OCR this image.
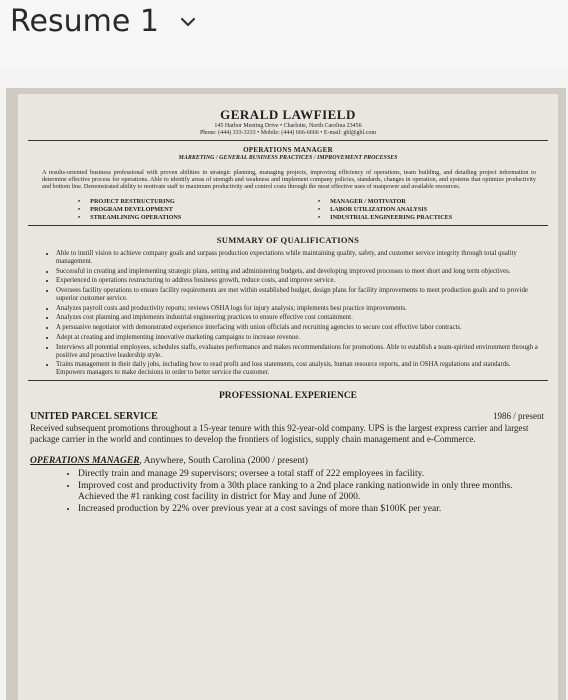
Resume 1
GERALD LAWFIELD
145 Harbor Meeting Drive • Charlotte, North Carolina 23456
Phone: (444) 333-3333 • Mobile: (444) 666-6666 • E-mail: gbl@gbl.com
OPERATIONS MANAGER
MARKETING / GENERAL BUSINESS PRACTICES / IMPROVEMENT PROCESSES
A results-oriented business professional with proven abilities in strategic planning, managing projects, improving efficiency of operations, team building, and detailing project information to determine effective process for operations. Able to identify areas of strength and weakness and implement company policies, standards, changes in operation, and systems that optimize productivity and bottom line. Demonstrated ability to motivate staff to maximum productivity and control costs through the most effective uses of manpower and available resources.
• PROJECT RESTRUCTURING	• MANAGER / MOTIVATOR
• PROGRAM DEVELOPMENT	• LABOR UTILIZATION ANALYSIS
• STREAMLINING OPERATIONS	• INDUSTRIAL ENGINEERING PRACTICES
SUMMARY OF QUALIFICATIONS
• Able to instill vision to achieve company goals and surpass production expectations while maintaining quality, safety, and customer service integrity through total quality management.
• Successful in creating and implementing strategic plans, setting and administering budgets, and developing improved processes to meet short and long term objectives.
• Experienced in operations restructuring to address business growth, reduce costs, and improve service.
• Oversees facility operations to ensure facility requirements are met within established budget, design plans for facility improvements to meet production goals and to provide superior customer service.
• Analyzes payroll costs and productivity reports; reviews OSHA logs for injury analysis; implements best practice improvements.
• Analyzes cost planning and implements industrial engineering practices to ensure effective cost containment.
• A persuasive negotiator with demonstrated experience interfacing with union officials and recruiting agencies to secure cost effective labor contracts.
• Adept at creating and implementing innovative marketing campaigns to increase revenue.
• Interviews all potential employees, schedules staffs, evaluates performance and makes recommendations for promotions. Able to establish a team-spirited environment through a positive and proactive leadership style.
• Trains management in their daily jobs, including how to read profit and loss statements, cost analysis, human resource reports, and in OSHA regulations and standards. Empowers managers to make decisions in order to better service the customer.
PROFESSIONAL EXPERIENCE
UNITED PARCEL SERVICE	1986 / present
Received subsequent promotions throughout a 15-year tenure with this 92-year-old company. UPS is the largest express carrier and largest package carrier in the world and continues to develop the frontiers of logistics, supply chain management and e-Commerce.
OPERATIONS MANAGER, Anywhere, South Carolina (2000 / present)
• Directly train and manage 29 supervisors; oversee a total staff of 222 employees in facility.
• Improved cost and productivity from a 30th place ranking to a 2nd place ranking nationwide in only three months. Achieved the #1 ranking cost facility in district for May and June of 2000.
• Increased production by 22% over previous year at a cost savings of more than $100K per year.
